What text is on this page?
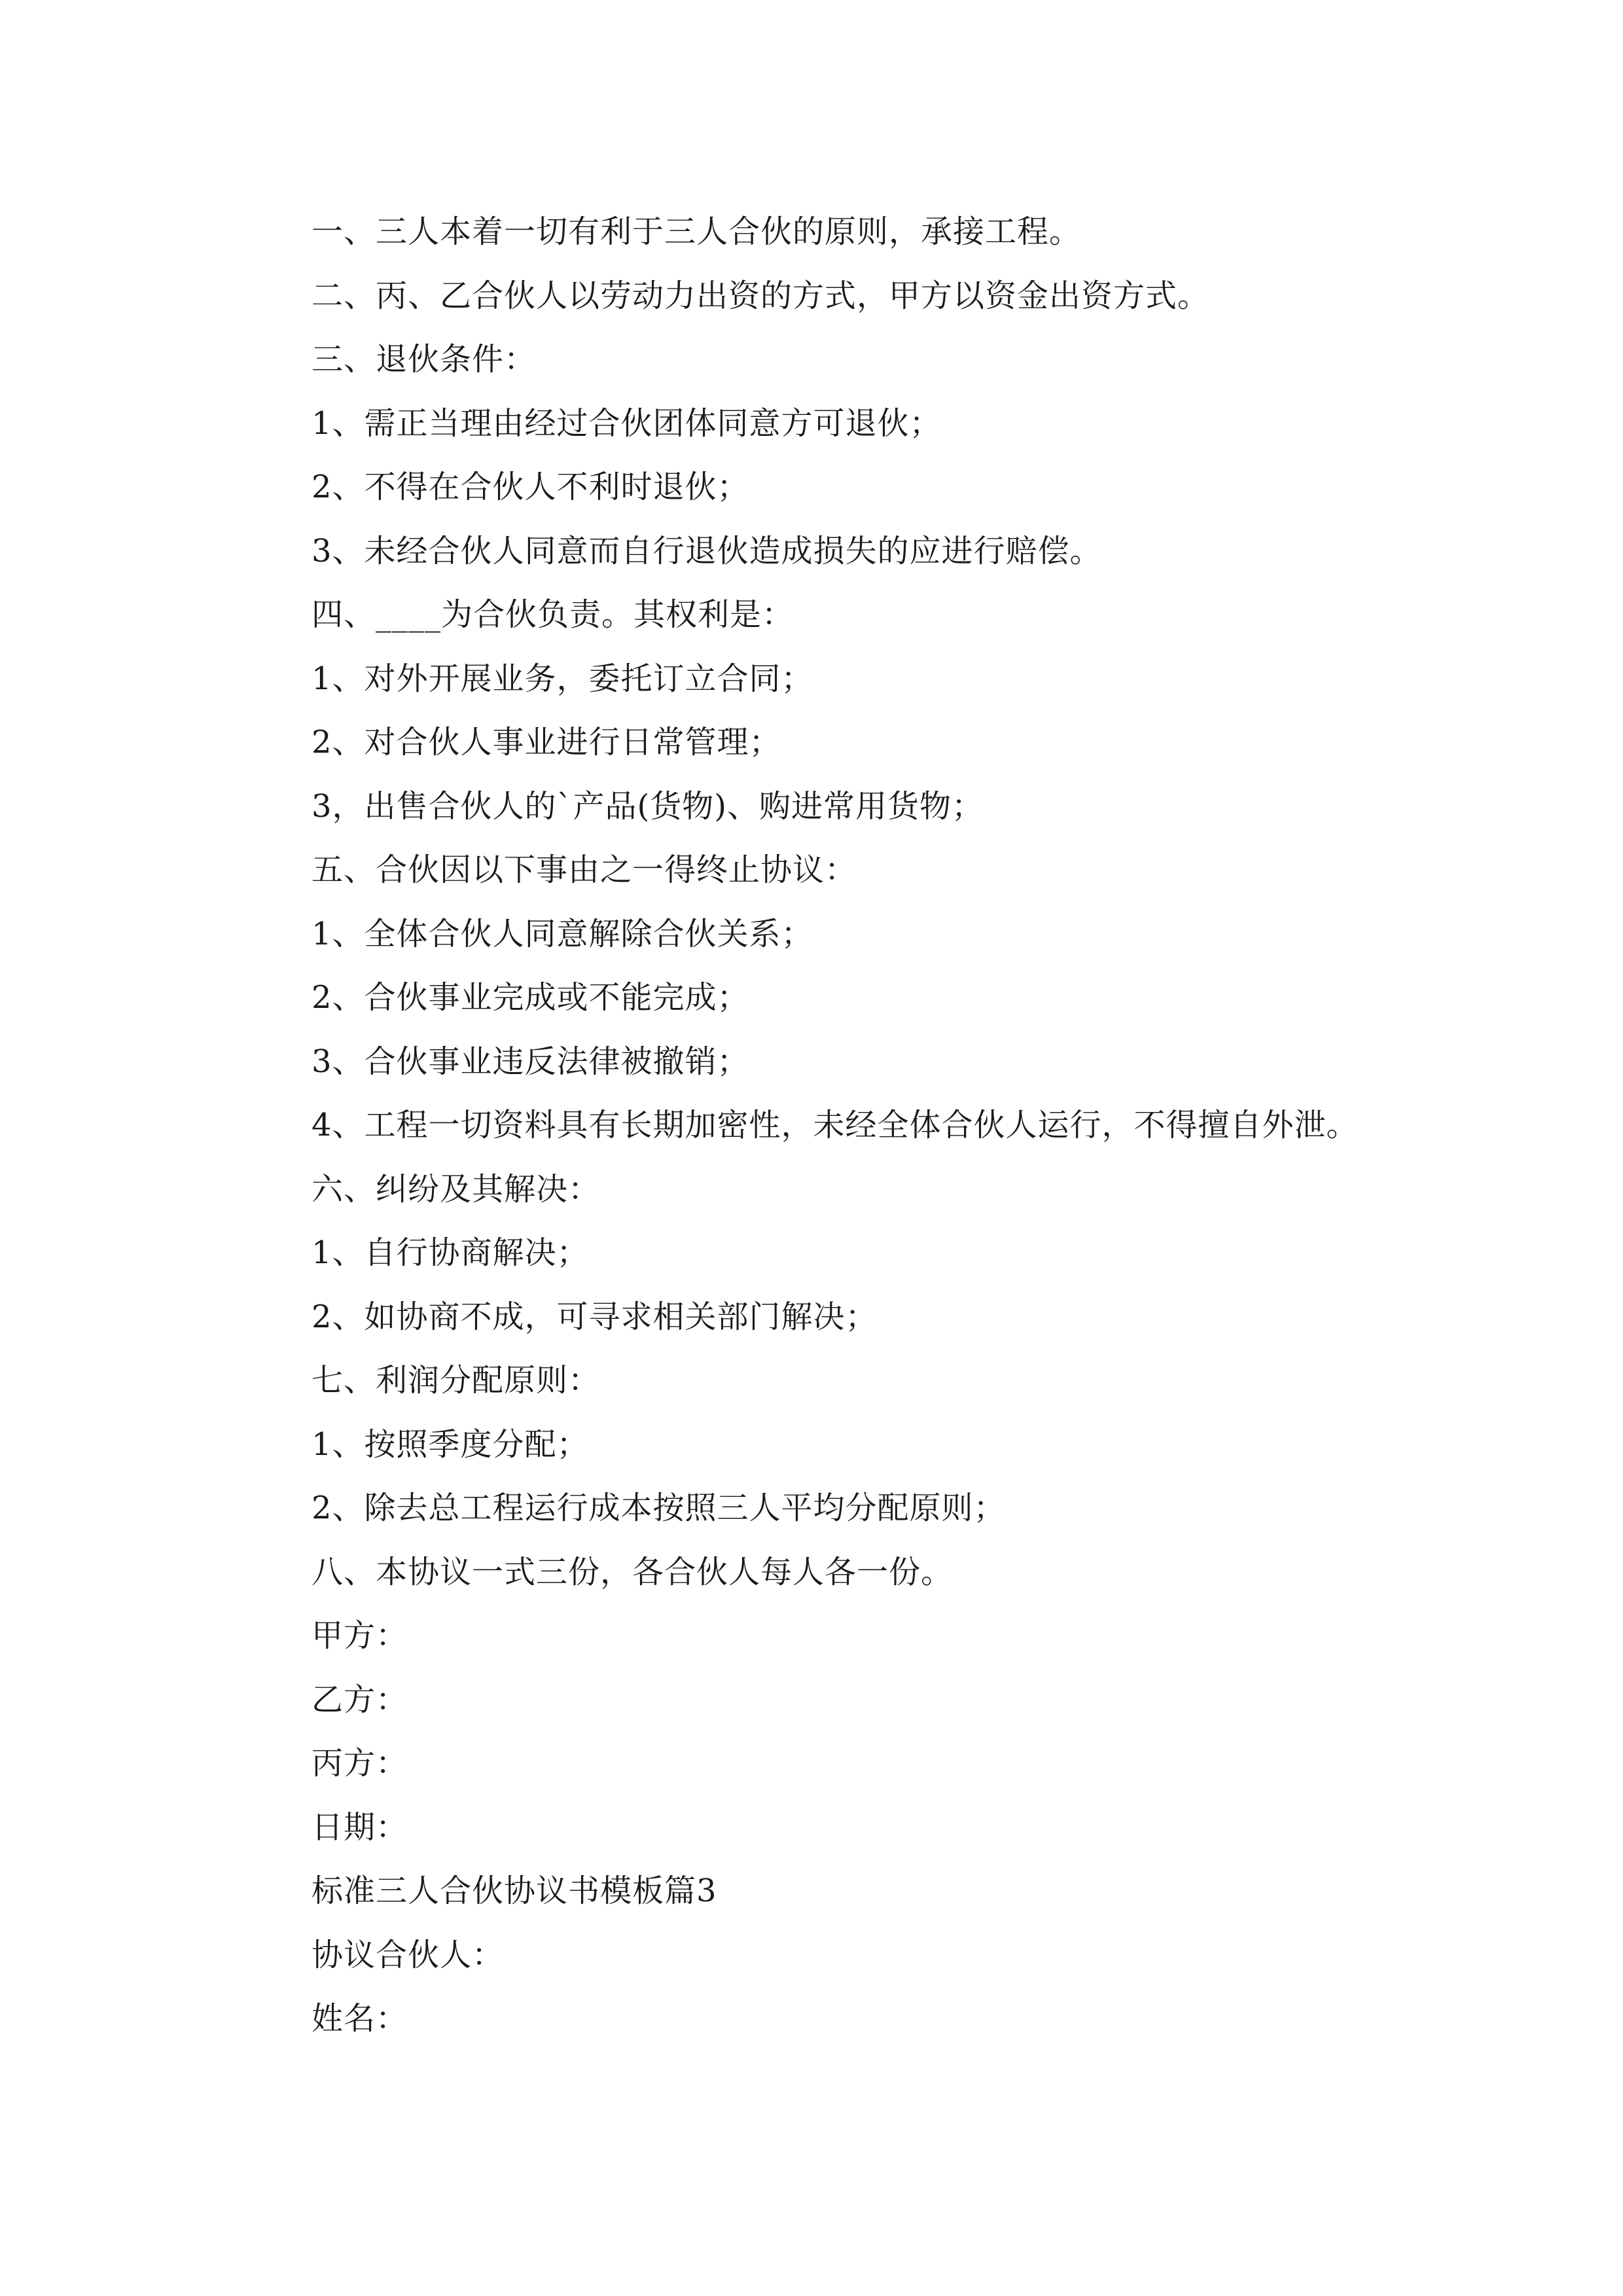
一、三人本着一切有利于三人合伙的原则，承接工程。
二、丙、乙合伙人以劳动力出资的方式，甲方以资金出资方式。
三、退伙条件：
1、需正当理由经过合伙团体同意方可退伙；
2、不得在合伙人不利时退伙；
3、未经合伙人同意而自行退伙造成损失的应进行赔偿。
四、____为合伙负责。其权利是：
1、对外开展业务，委托订立合同；
2、对合伙人事业进行日常管理；
3，出售合伙人的`产品(货物)、购进常用货物；
五、合伙因以下事由之一得终止协议：
1、全体合伙人同意解除合伙关系；
2、合伙事业完成或不能完成；
3、合伙事业违反法律被撤销；
4、工程一切资料具有长期加密性，未经全体合伙人运行，不得擅自外泄。
六、纠纷及其解决：
1、自行协商解决；
2、如协商不成，可寻求相关部门解决；
七、利润分配原则：
1、按照季度分配；
2、除去总工程运行成本按照三人平均分配原则；
八、本协议一式三份，各合伙人每人各一份。
甲方：
乙方：
丙方：
日期：
标准三人合伙协议书模板篇3
协议合伙人：
姓名：
